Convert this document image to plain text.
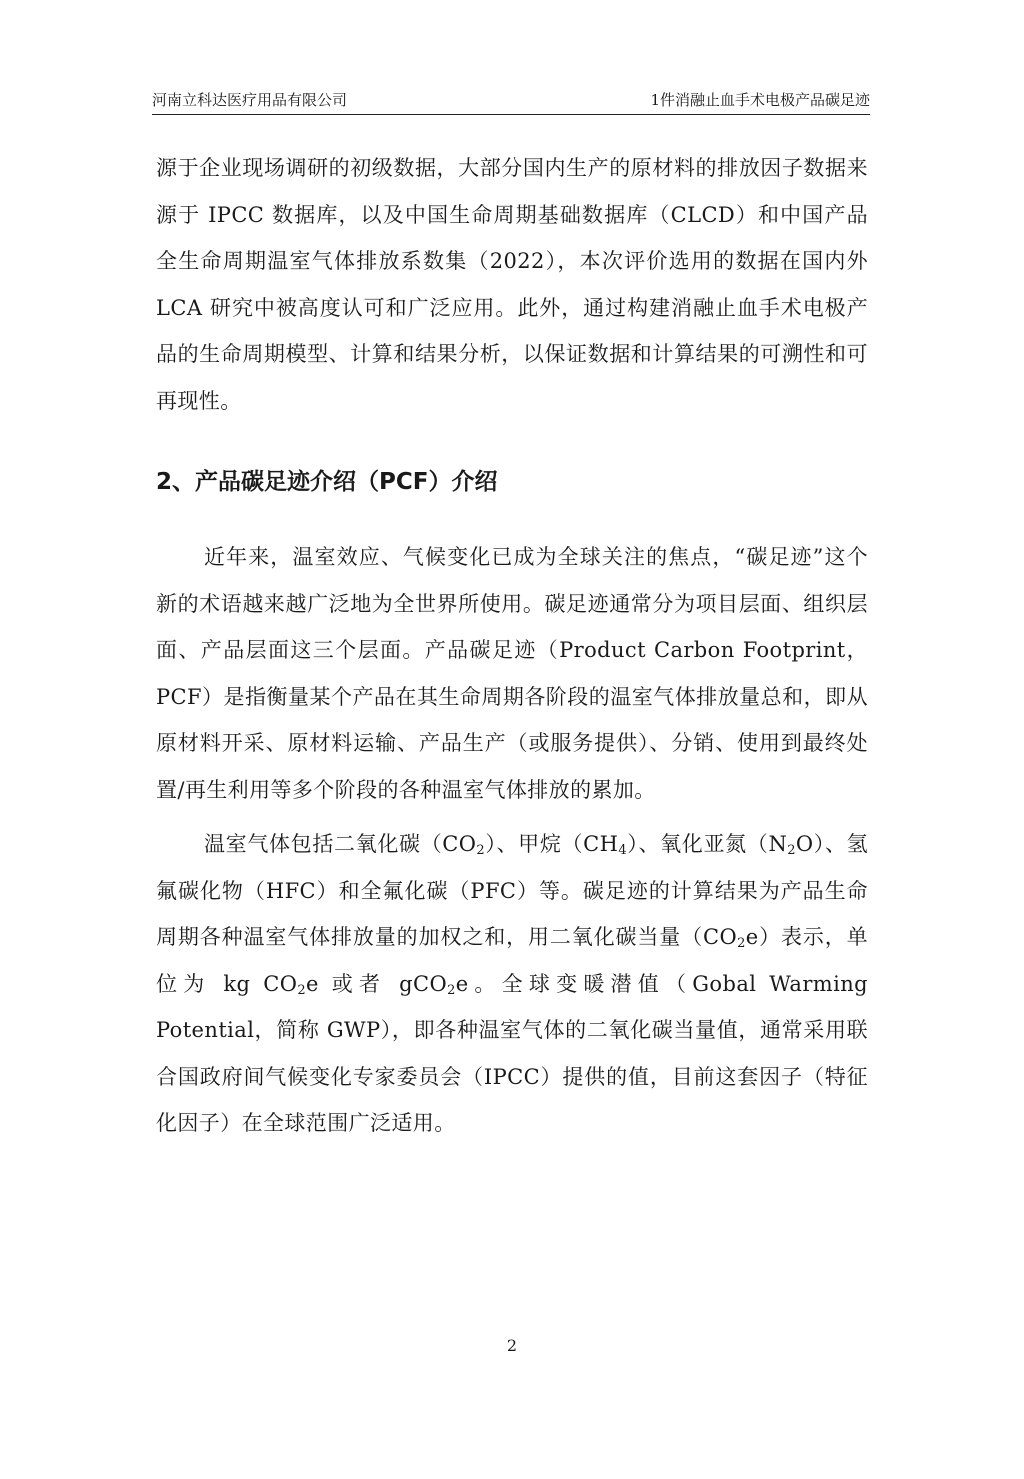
河南立科达医疗用品有限公司	1件消融止血手术电极产品碳足迹

源于企业现场调研的初级数据，大部分国内生产的原材料的排放因子数据来源于 IPCC 数据库，以及中国生命周期基础数据库（CLCD）和中国产品全生命周期温室气体排放系数集（2022），本次评价选用的数据在国内外 LCA 研究中被高度认可和广泛应用。此外，通过构建消融止血手术电极产品的生命周期模型、计算和结果分析，以保证数据和计算结果的可溯性和可再现性。

2、产品碳足迹介绍（PCF）介绍

近年来，温室效应、气候变化已成为全球关注的焦点，“碳足迹”这个新的术语越来越广泛地为全世界所使用。碳足迹通常分为项目层面、组织层面、产品层面这三个层面。产品碳足迹（Product Carbon Footprint，PCF）是指衡量某个产品在其生命周期各阶段的温室气体排放量总和，即从原材料开采、原材料运输、产品生产（或服务提供）、分销、使用到最终处置/再生利用等多个阶段的各种温室气体排放的累加。

温室气体包括二氧化碳$(CO_2)$、甲烷$(CH_4)$、氧化亚氮$(N_2O)$、氢氟碳化物（HFC）和全氟化碳（PFC）等。碳足迹的计算结果为产品生命周期各种温室气体排放量的加权之和，用二氧化碳当量$(CO_2e)$表示，单位为 kg $CO_2e$ 或者 gCO$_2$e。全球变暖潜值（Gobal Warming Potential，简称 GWP），即各种温室气体的二氧化碳当量值，通常采用联合国政府间气候变化专家委员会（IPCC）提供的值，目前这套因子（特征化因子）在全球范围广泛适用。

2
